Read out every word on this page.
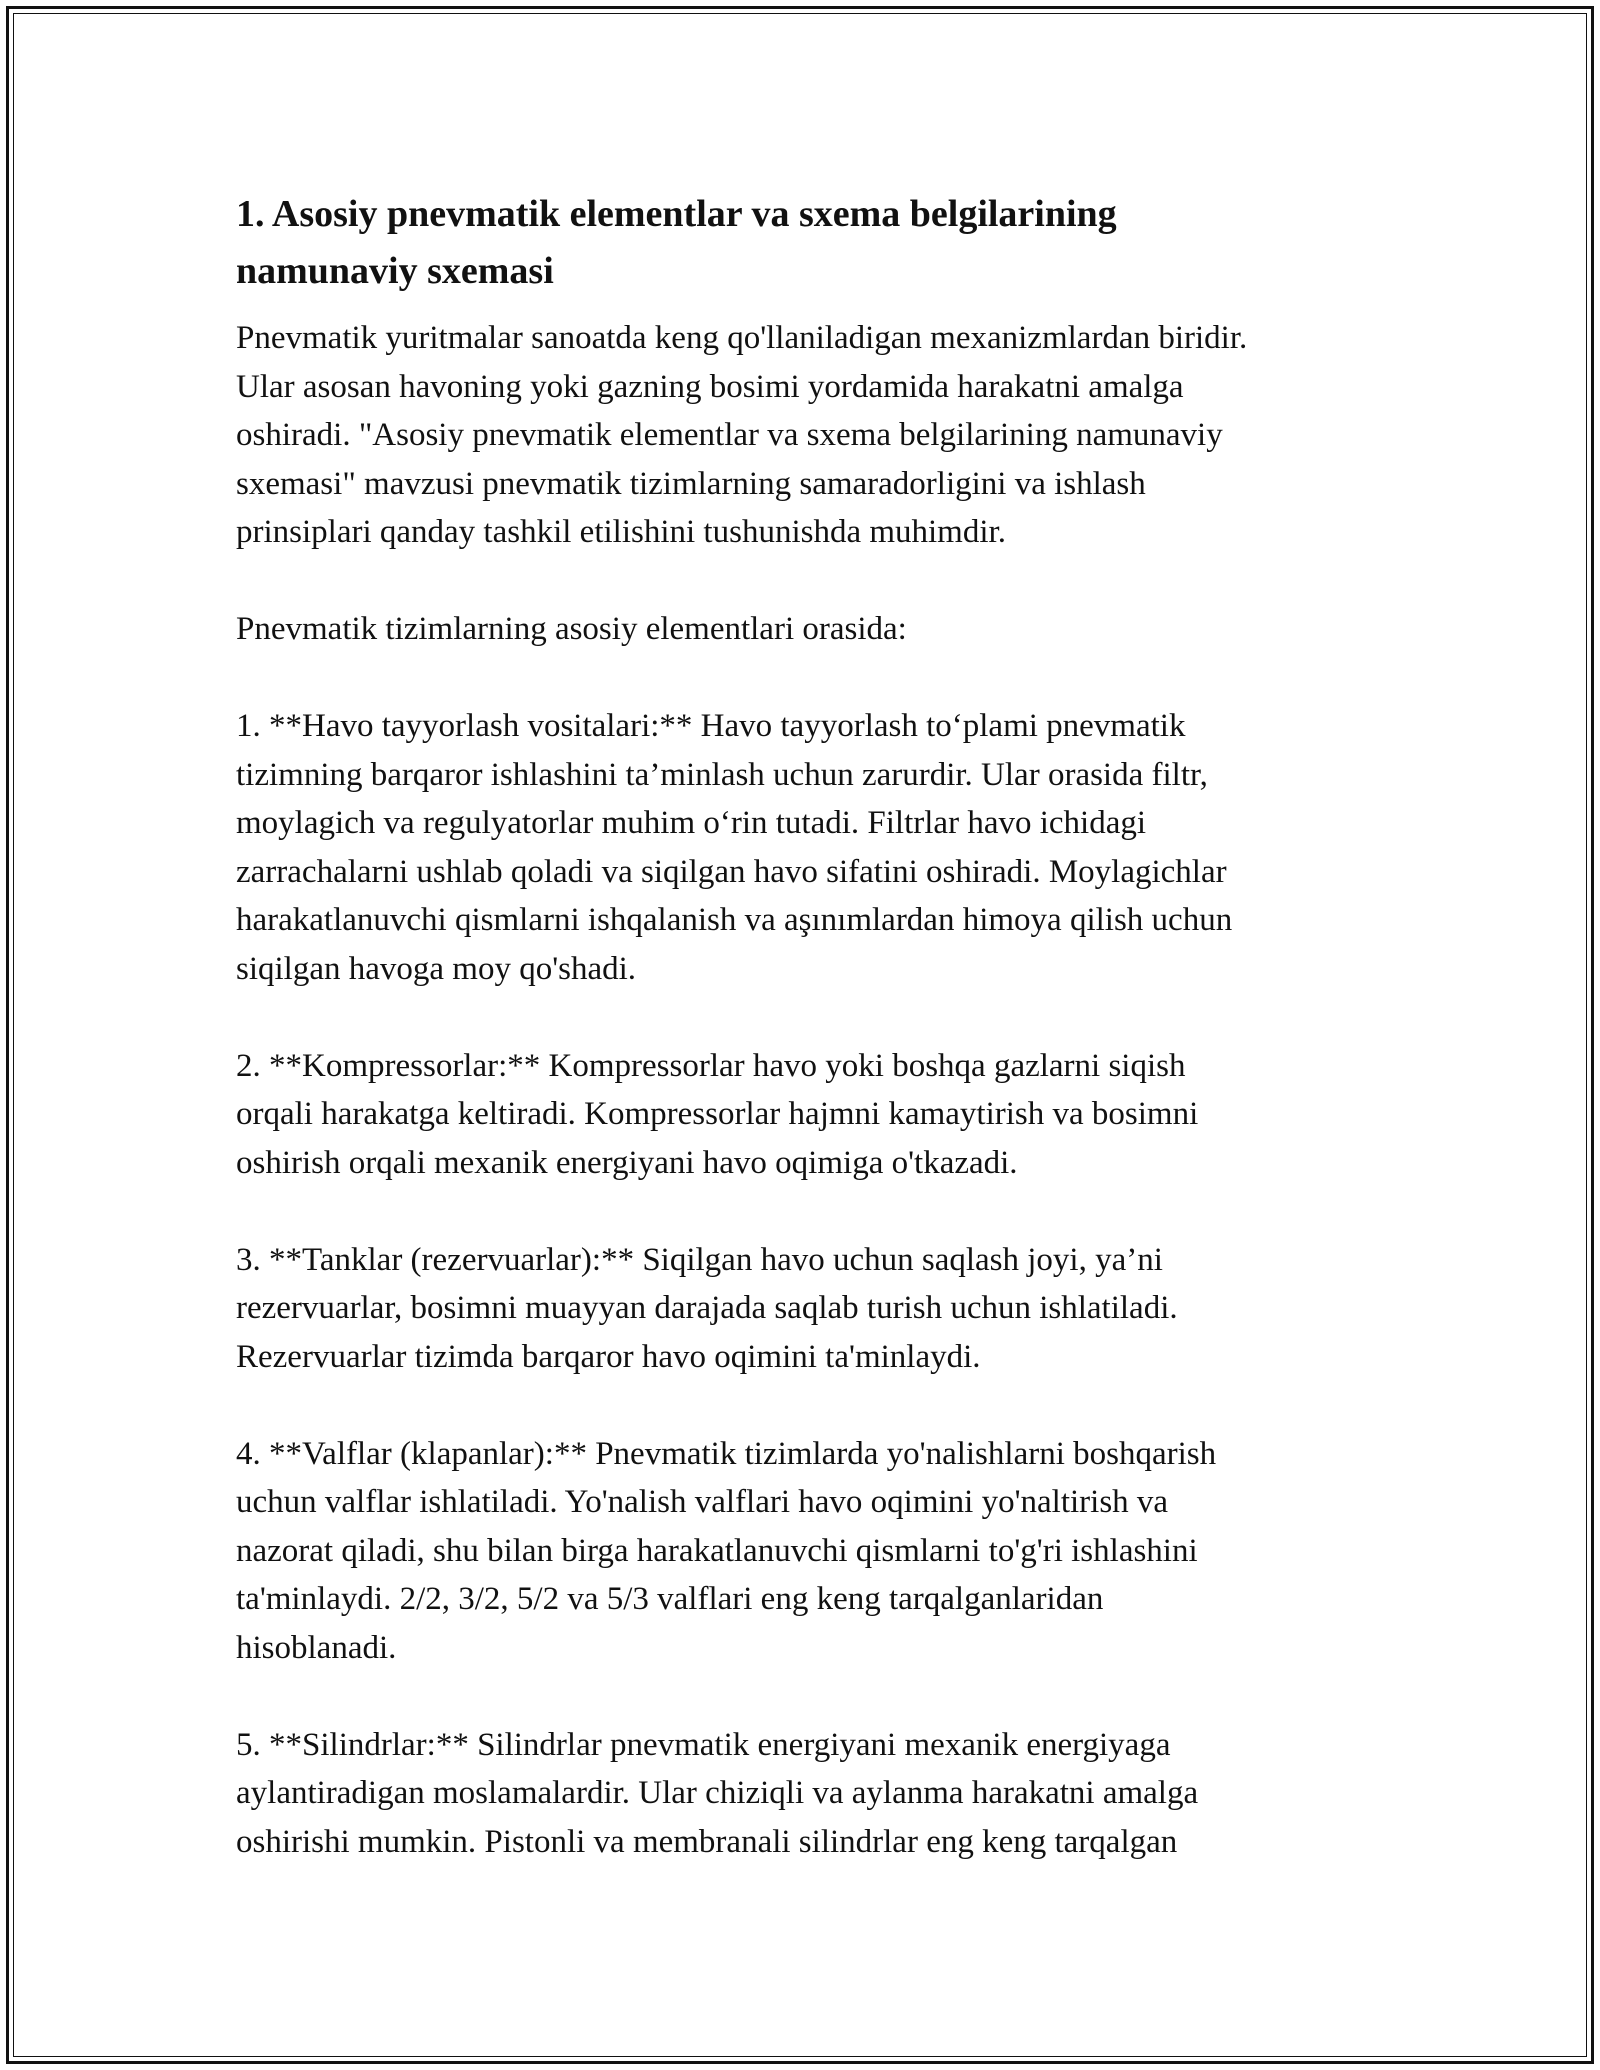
1. Asosiy pnevmatik elementlar va sxema belgilarining
namunaviy sxemasi

Pnevmatik yuritmalar sanoatda keng qo'llaniladigan mexanizmlardan biridir.
Ular asosan havoning yoki gazning bosimi yordamida harakatni amalga
oshiradi. "Asosiy pnevmatik elementlar va sxema belgilarining namunaviy
sxemasi" mavzusi pnevmatik tizimlarning samaradorligini va ishlash
prinsiplari qanday tashkil etilishini tushunishda muhimdir.

Pnevmatik tizimlarning asosiy elementlari orasida:

1. **Havo tayyorlash vositalari:** Havo tayyorlash to‘plami pnevmatik
tizimning barqaror ishlashini ta’minlash uchun zarurdir. Ular orasida filtr,
moylagich va regulyatorlar muhim o‘rin tutadi. Filtrlar havo ichidagi
zarrachalarni ushlab qoladi va siqilgan havo sifatini oshiradi. Moylagichlar
harakatlanuvchi qismlarni ishqalanish va aşınımlardan himoya qilish uchun
siqilgan havoga moy qo'shadi.

2. **Kompressorlar:** Kompressorlar havo yoki boshqa gazlarni siqish
orqali harakatga keltiradi. Kompressorlar hajmni kamaytirish va bosimni
oshirish orqali mexanik energiyani havo oqimiga o'tkazadi.

3. **Tanklar (rezervuarlar):** Siqilgan havo uchun saqlash joyi, ya’ni
rezervuarlar, bosimni muayyan darajada saqlab turish uchun ishlatiladi.
Rezervuarlar tizimda barqaror havo oqimini ta'minlaydi.

4. **Valflar (klapanlar):** Pnevmatik tizimlarda yo'nalishlarni boshqarish
uchun valflar ishlatiladi. Yo'nalish valflari havo oqimini yo'naltirish va
nazorat qiladi, shu bilan birga harakatlanuvchi qismlarni to'g'ri ishlashini
ta'minlaydi. 2/2, 3/2, 5/2 va 5/3 valflari eng keng tarqalganlaridan
hisoblanadi.

5. **Silindrlar:** Silindrlar pnevmatik energiyani mexanik energiyaga
aylantiradigan moslamalardir. Ular chiziqli va aylanma harakatni amalga
oshirishi mumkin. Pistonli va membranali silindrlar eng keng tarqalgan
